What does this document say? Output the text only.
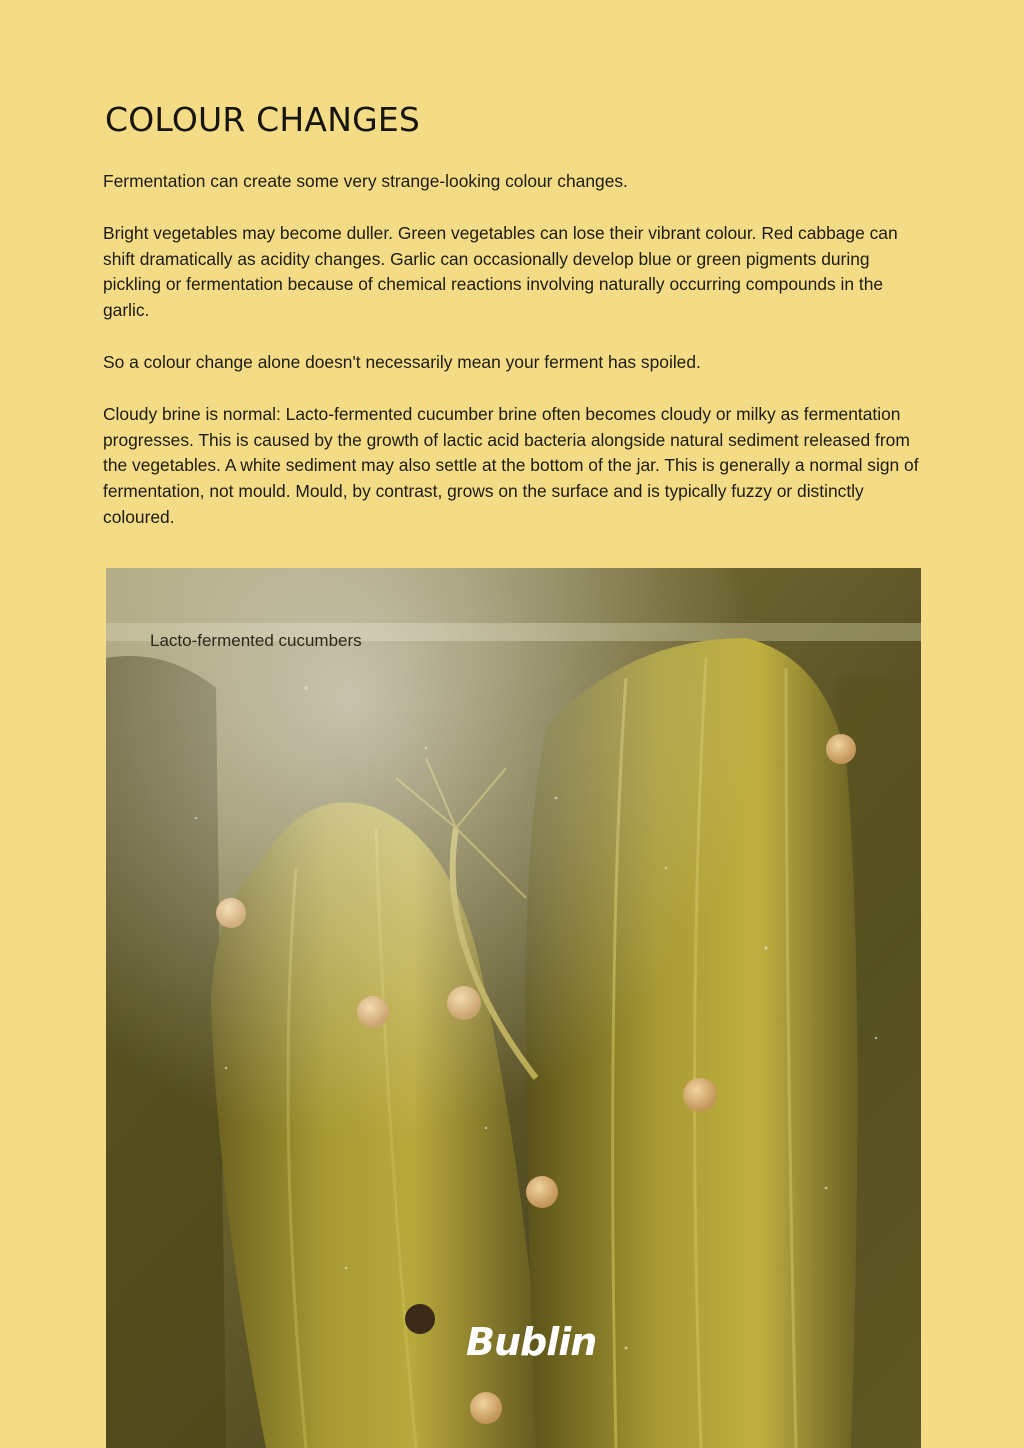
COLOUR CHANGES

Fermentation can create some very strange-looking colour changes.

Bright vegetables may become duller. Green vegetables can lose their vibrant colour. Red cabbage can shift dramatically as acidity changes. Garlic can occasionally develop blue or green pigments during pickling or fermentation because of chemical reactions involving naturally occurring compounds in the garlic.

So a colour change alone doesn't necessarily mean your ferment has spoiled.

Cloudy brine is normal: Lacto-fermented cucumber brine often becomes cloudy or milky as fermentation progresses. This is caused by the growth of lactic acid bacteria alongside natural sediment released from the vegetables. A white sediment may also settle at the bottom of the jar. This is generally a normal sign of fermentation, not mould. Mould, by contrast, grows on the surface and is typically fuzzy or distinctly coloured.

Lacto-fermented cucumbers
Bublin
